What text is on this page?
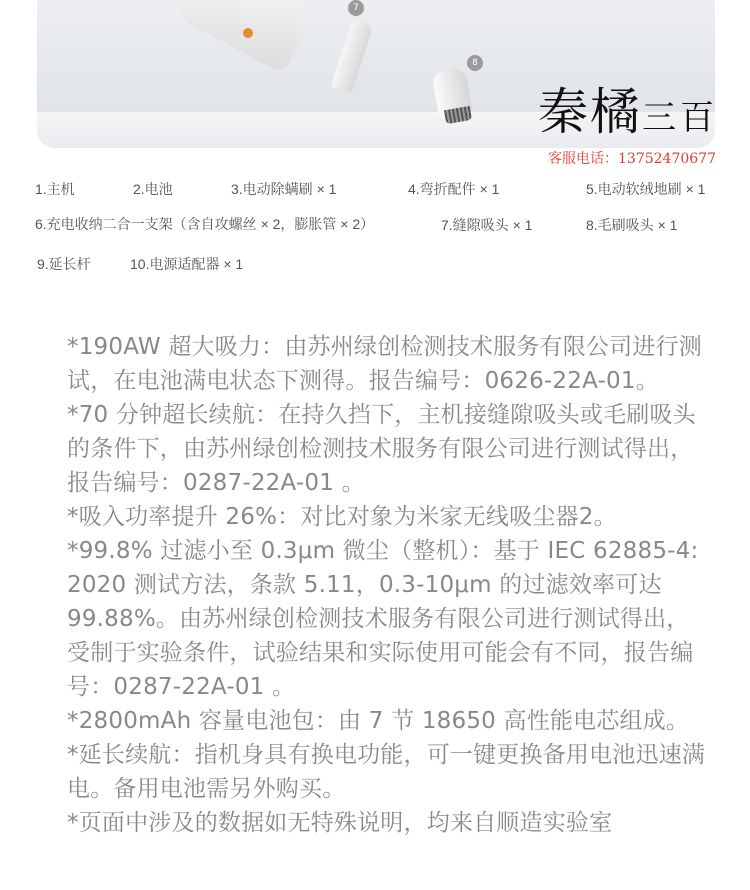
7
8
秦橘三百
客服电话：13752470677
1.主机	2.电池	3.电动除螨刷 × 1	4.弯折配件 × 1	5.电动软绒地刷 × 1
6.充电收纳二合一支架（含自攻螺丝 × 2，膨胀管 × 2）	7.缝隙吸头 × 1	8.毛刷吸头 × 1
9.延长杆	10.电源适配器 × 1

*190AW 超大吸力：由苏州绿创检测技术服务有限公司进行测试，在电池满电状态下测得。报告编号：0626-22A-01。

*70 分钟超长续航：在持久挡下，主机接缝隙吸头或毛刷吸头的条件下，由苏州绿创检测技术服务有限公司进行测试得出，报告编号：0287-22A-01 。

*吸入功率提升 26%：对比对象为米家无线吸尘器2。

*99.8% 过滤小至 0.3μm 微尘（整机）：基于 IEC 62885-4: 2020 测试方法，条款 5.11，0.3-10μm 的过滤效率可达 99.88%。由苏州绿创检测技术服务有限公司进行测试得出，受制于实验条件，试验结果和实际使用可能会有不同，报告编号：0287-22A-01 。

*2800mAh 容量电池包：由 7 节 18650 高性能电芯组成。

*延长续航：指机身具有换电功能，可一键更换备用电池迅速满电。备用电池需另外购买。

*页面中涉及的数据如无特殊说明，均来自顺造实验室
